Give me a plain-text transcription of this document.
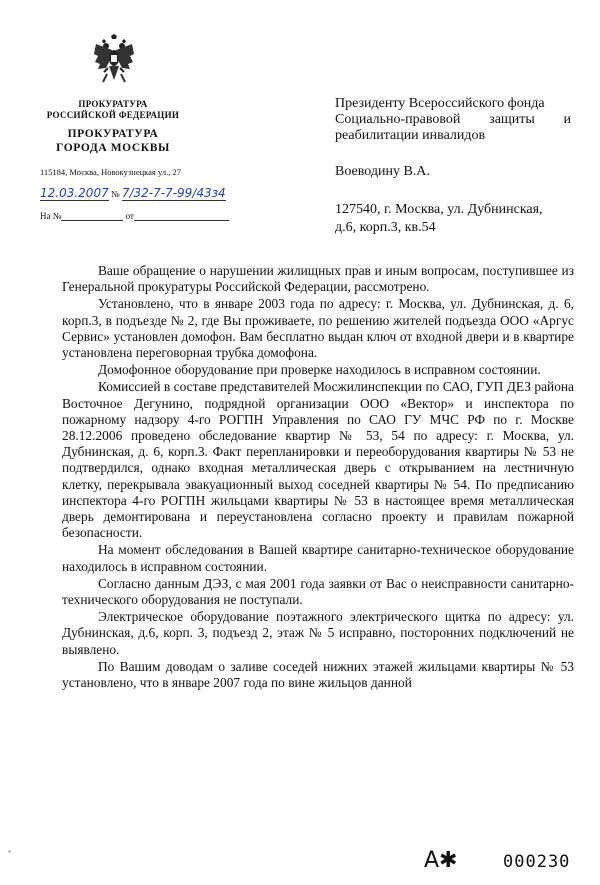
ПРОКУРАТУРА
РОССИЙСКОЙ ФЕДЕРАЦИИ
ПРОКУРАТУРА
ГОРОДА МОСКВЫ
115184, Москва, Новокузнецкая ул., 27
12.03.2007 № 7/32-7-7-99/43з4
На №	от
Президенту Всероссийского фонда
Социально-правовой защиты и
реабилитации инвалидов
Воеводину В.А.
127540, г. Москва, ул. Дубнинская,
д.6, корп.3, кв.54

Ваше обращение о нарушении жилищных прав и иным вопросам, поступившее из Генеральной прокуратуры Российской Федерации, рассмотрено.

Установлено, что в январе 2003 года по адресу: г. Москва, ул. Дубнинская, д. 6, корп.3, в подъезде № 2, где Вы проживаете, по решению жителей подъезда ООО «Аргус Сервис» установлен домофон. Вам бесплатно выдан ключ от входной двери и в квартире установлена переговорная трубка домофона.

Домофонное оборудование при проверке находилось в исправном состоянии.

Комиссией в составе представителей Мосжилинспекции по САО, ГУП ДЕЗ района Восточное Дегунино, подрядной организации ООО «Вектор» и инспектора по пожарному надзору 4-го РОГПН Управления по САО ГУ МЧС РФ по г. Москве 28.12.2006 проведено обследование квартир № 53, 54 по адресу: г. Москва, ул. Дубнинская, д. 6, корп.3. Факт перепланировки и переоборудования квартиры № 53 не подтвердился, однако входная металлическая дверь с открыванием на лестничную клетку, перекрывала эвакуационный выход соседней квартиры № 54. По предписанию инспектора 4-го РОГПН жильцами квартиры № 53 в настоящее время металлическая дверь демонтирована и переустановлена согласно проекту и правилам пожарной безопасности.

На момент обследования в Вашей квартире санитарно-техническое оборудование находилось в исправном состоянии.

Согласно данным ДЭЗ, с мая 2001 года заявки от Вас о неисправности санитарно-технического оборудования не поступали.

Электрическое оборудование поэтажного электрического щитка по адресу: ул. Дубнинская, д.6, корп. 3, подъезд 2, этаж № 5 исправно, посторонних подключений не выявлено.

По Вашим доводам о заливе соседей нижних этажей жильцами квартиры № 53 установлено, что в январе 2007 года по вине жильцов данной

А✱	000230
